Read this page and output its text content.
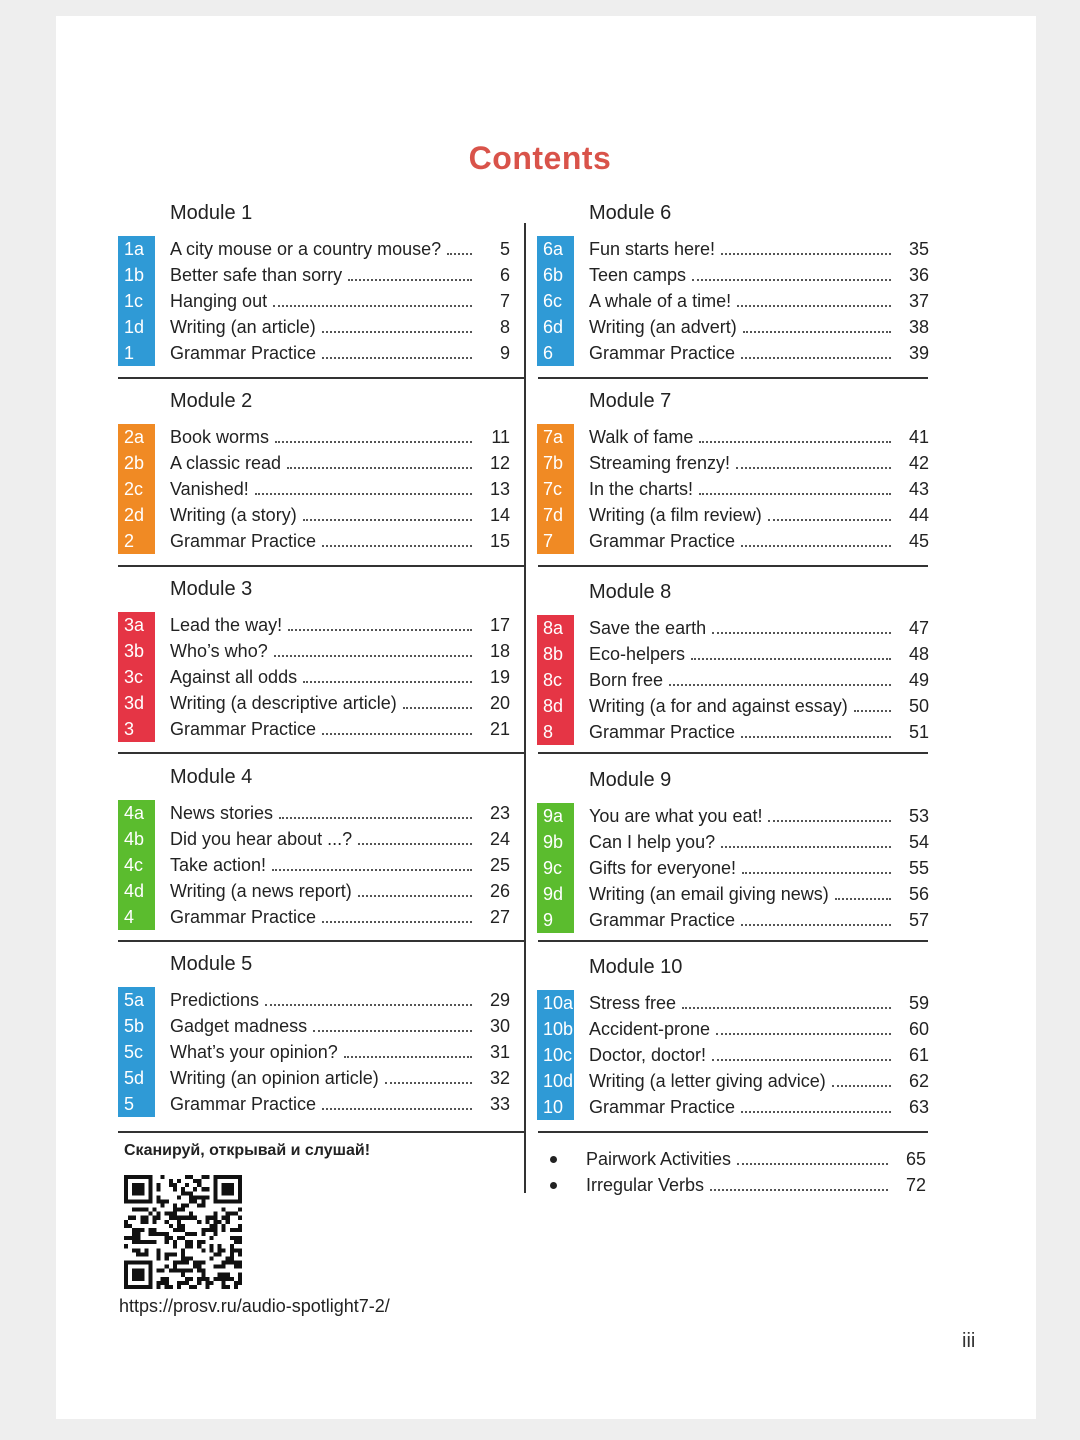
Contents
Module 1
1a	A city mouse or a country mouse?	5
1b	Better safe than sorry	6
1c	Hanging out	7
1d	Writing (an article)	8
1	Grammar Practice	9
Module 2
2a	Book worms	11
2b	A classic read	12
2c	Vanished!	13
2d	Writing (a story)	14
2	Grammar Practice	15
Module 3
3a	Lead the way!	17
3b	Who’s who?	18
3c	Against all odds	19
3d	Writing (a descriptive article)	20
3	Grammar Practice	21
Module 4
4a	News stories	23
4b	Did you hear about ...?	24
4c	Take action!	25
4d	Writing (a news report)	26
4	Grammar Practice	27
Module 5
5a	Predictions	29
5b	Gadget madness	30
5c	What’s your opinion?	31
5d	Writing (an opinion article)	32
5	Grammar Practice	33
Module 6
6a	Fun starts here!	35
6b	Teen camps	36
6c	A whale of a time!	37
6d	Writing (an advert)	38
6	Grammar Practice	39
Module 7
7a	Walk of fame	41
7b	Streaming frenzy!	42
7c	In the charts!	43
7d	Writing (a film review)	44
7	Grammar Practice	45
Module 8
8a	Save the earth	47
8b	Eco-helpers	48
8c	Born free	49
8d	Writing (a for and against essay)	50
8	Grammar Practice	51
Module 9
9a	You are what you eat!	53
9b	Can I help you?	54
9c	Gifts for everyone!	55
9d	Writing (an email giving news)	56
9	Grammar Practice	57
Module 10
10a Stress free	59
10b Accident-prone	60
10c Doctor, doctor!	61
10d Writing (a letter giving advice)	62
10	Grammar Practice	63
Pairwork Activities	65
Irregular Verbs	72
Сканируй, открывай и слушай!
https://prosv.ru/audio-spotlight7-2/
iii
